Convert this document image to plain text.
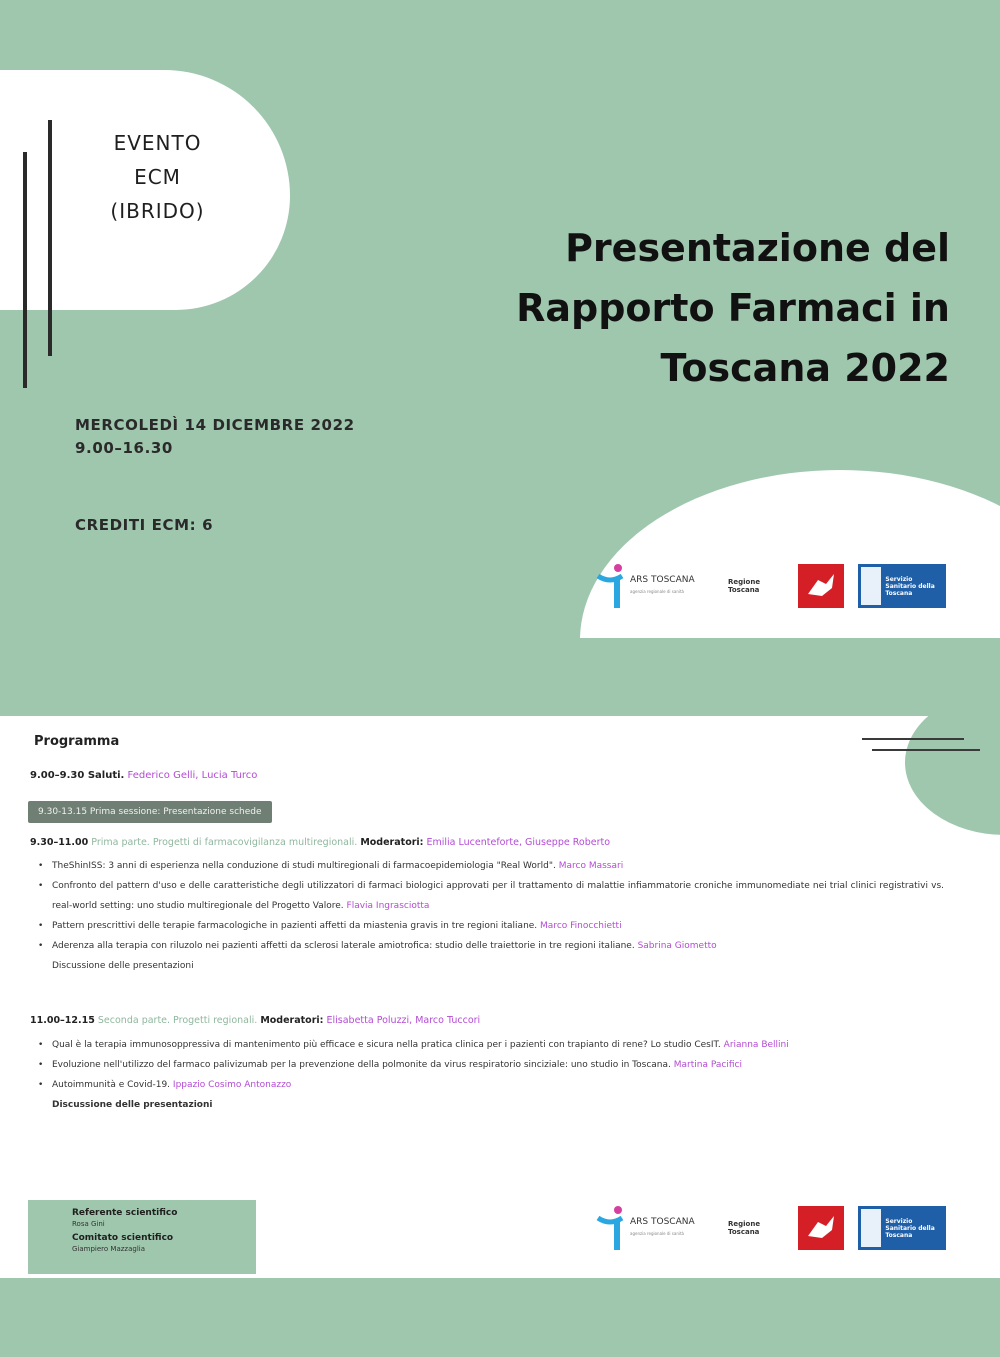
EVENTO
ECM
(IBRIDO)
Presentazione del
Rapporto Farmaci in
Toscana 2022
MERCOLEDÌ 14 DICEMBRE 2022
9.00–16.30
CREDITI ECM: 6
ARS TOSCANA
agenzia regionale di sanità
Regione Toscana
Servizio Sanitario della Toscana
Programma
9.00–9.30 Saluti. Federico Gelli, Lucia Turco
9.30-13.15 Prima sessione: Presentazione schede
9.30–11.00 Prima parte. Progetti di farmacovigilanza multiregionali. Moderatori: Emilia Lucenteforte, Giuseppe Roberto
• TheShinISS: 3 anni di esperienza nella conduzione di studi multiregionali di farmacoepidemiologia "Real World". Marco Massari
• Confronto del pattern d'uso e delle caratteristiche degli utilizzatori di farmaci biologici approvati per il trattamento di malattie infiammatorie croniche immunomediate nei trial clinici registrativi vs. real-world setting: uno studio multiregionale del Progetto Valore. Flavia Ingrasciotta
• Pattern prescrittivi delle terapie farmacologiche in pazienti affetti da miastenia gravis in tre regioni italiane. Marco Finocchietti
• Aderenza alla terapia con riluzolo nei pazienti affetti da sclerosi laterale amiotrofica: studio delle traiettorie in tre regioni italiane. Sabrina Giometto
Discussione delle presentazioni
11.00–12.15 Seconda parte. Progetti regionali. Moderatori: Elisabetta Poluzzi, Marco Tuccori
• Qual è la terapia immunosoppressiva di mantenimento più efficace e sicura nella pratica clinica per i pazienti con trapianto di rene? Lo studio CesIT. Arianna Bellini
• Evoluzione nell'utilizzo del farmaco palivizumab per la prevenzione della polmonite da virus respiratorio sinciziale: uno studio in Toscana. Martina Pacifici
• Autoimmunità e Covid-19. Ippazio Cosimo Antonazzo
Discussione delle presentazioni
Referente scientifico
Rosa Gini
Comitato scientifico
Giampiero Mazzaglia
ARS TOSCANA
agenzia regionale di sanità
Regione Toscana
Servizio Sanitario della Toscana
